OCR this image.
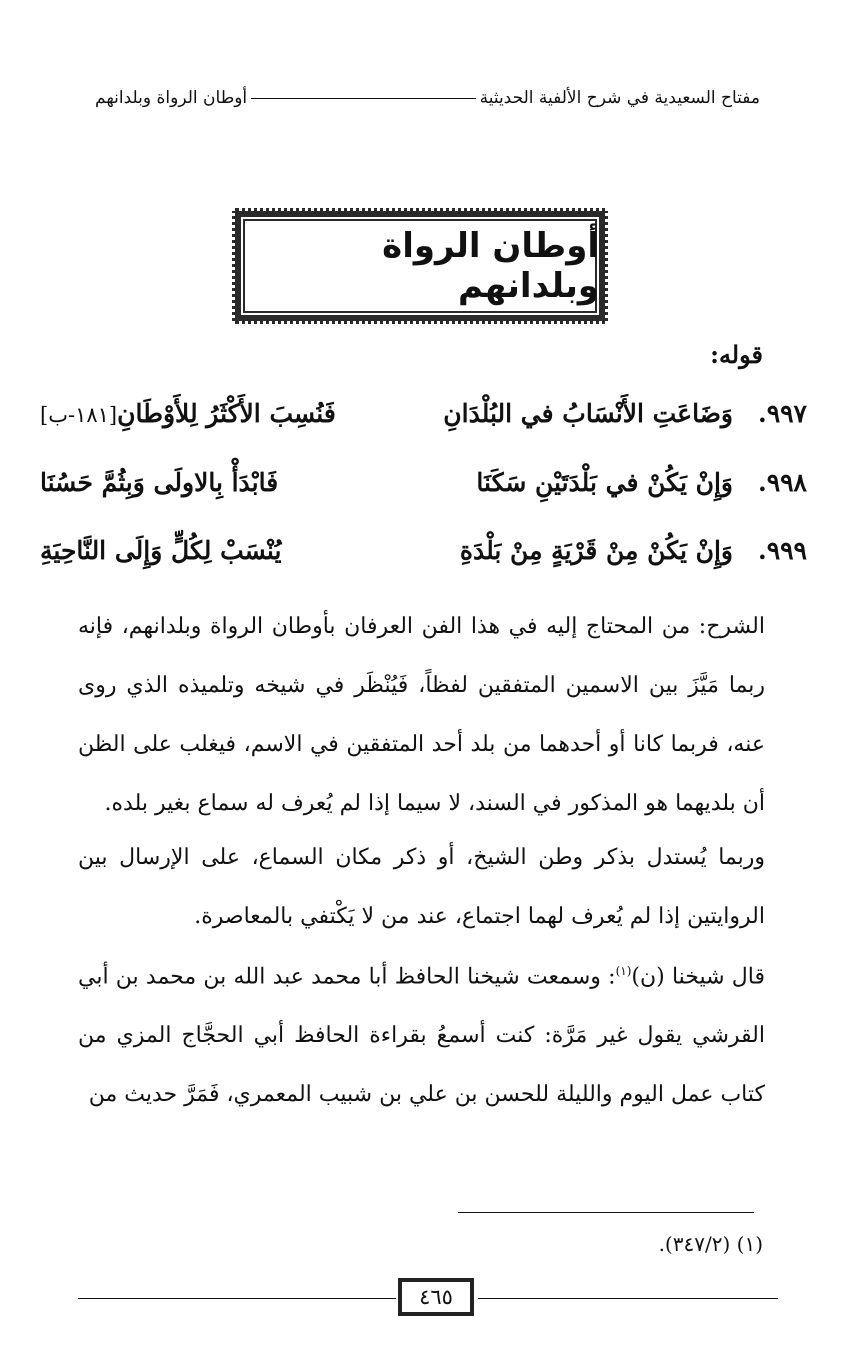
مفتاح السعيدية في شرح الألفية الحديثية
أوطان الرواة وبلدانهم
أوطان الرواة وبلدانهم
قوله:
٩٩٧.
وَضَاعَتِ الأَنْسَابُ في البُلْدَانِ
فَنُسِبَ الأَكْثَرُ لِلأَوْطَانِ[١٨١-ب]
٩٩٨.
وَإِنْ يَكُنْ في بَلْدَتَيْنِ سَكَنَا
فَابْدَأْ بِالاولَى وَبِثُمَّ حَسُنَا
٩٩٩.
وَإِنْ يَكُنْ مِنْ قَرْيَةٍ مِنْ بَلْدَةِ
يُنْسَبْ لِكُلٍّ وَإِلَى النَّاحِيَةِ
الشرح: من المحتاج إليه في هذا الفن العرفان بأوطان الرواة وبلدانهم، فإنه ربما مَيَّزَ بين الاسمين المتفقين لفظاً، فَيُنْظَر في شيخه وتلميذه الذي روى عنه، فربما كانا أو أحدهما من بلد أحد المتفقين في الاسم، فيغلب على الظن أن بلديهما هو المذكور في السند، لا سيما إذا لم يُعرف له سماع بغير بلده.
وربما يُستدل بذكر وطن الشيخ، أو ذكر مكان السماع، على الإرسال بين الروايتين إذا لم يُعرف لهما اجتماع، عند من لا يَكْتفي بالمعاصرة.
قال شيخنا (ن)$^{(١)}$: وسمعت شيخنا الحافظ أبا محمد عبد الله بن محمد بن أبي القرشي يقول غير مَرَّة: كنت أسمعُ بقراءة الحافظ أبي الحجَّاج المزي من كتاب عمل اليوم والليلة للحسن بن علي بن شبيب المعمري، فَمَرَّ حديث من
(١) (٣٤٧/٢).
٤٦٥
